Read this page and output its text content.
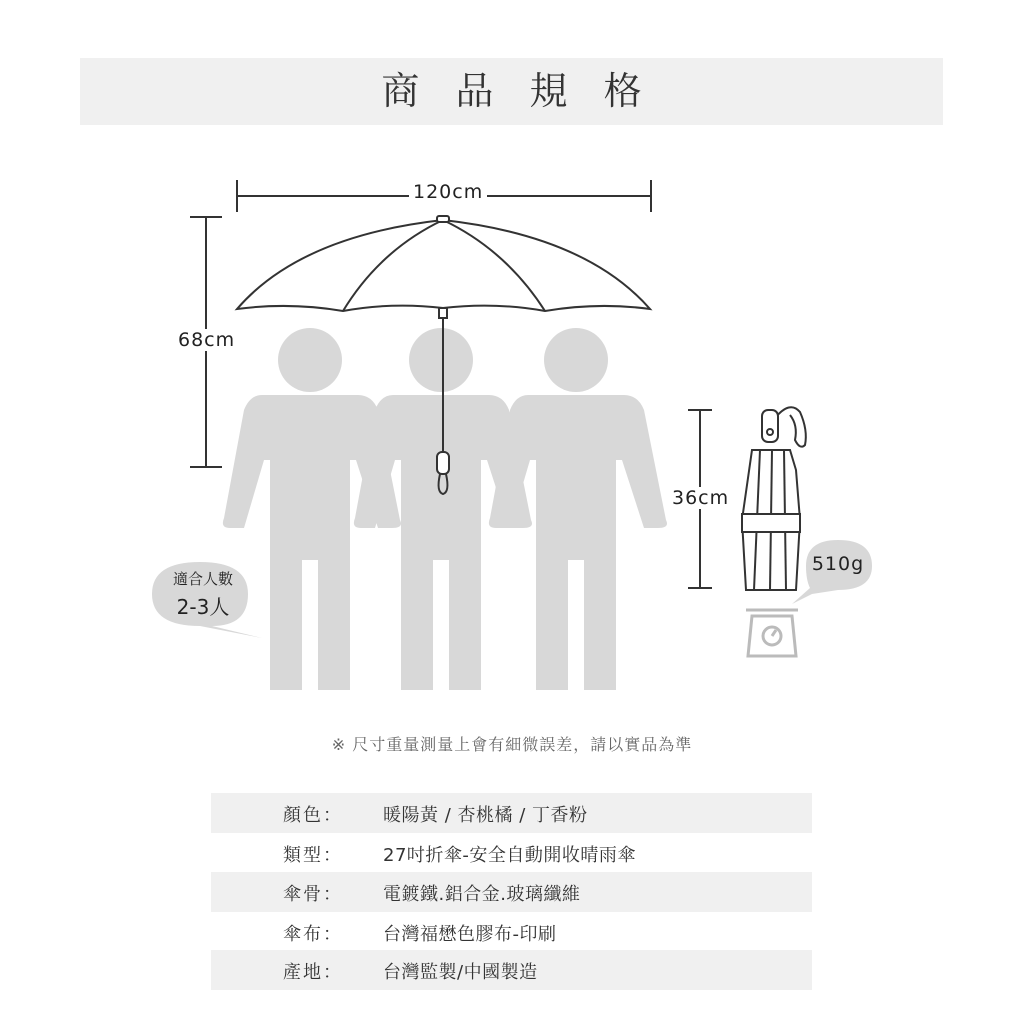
商 品 規 格
120cm
68cm
36cm
適合人數
2-3人
510g
※ 尺寸重量測量上會有細微誤差，請以實品為準
顏色： 暖陽黃 / 杏桃橘 / 丁香粉
類型： 27吋折傘-安全自動開收晴雨傘
傘骨： 電鍍鐵.鋁合金.玻璃纖維
傘布： 台灣福懋色膠布-印刷
產地： 台灣監製/中國製造
